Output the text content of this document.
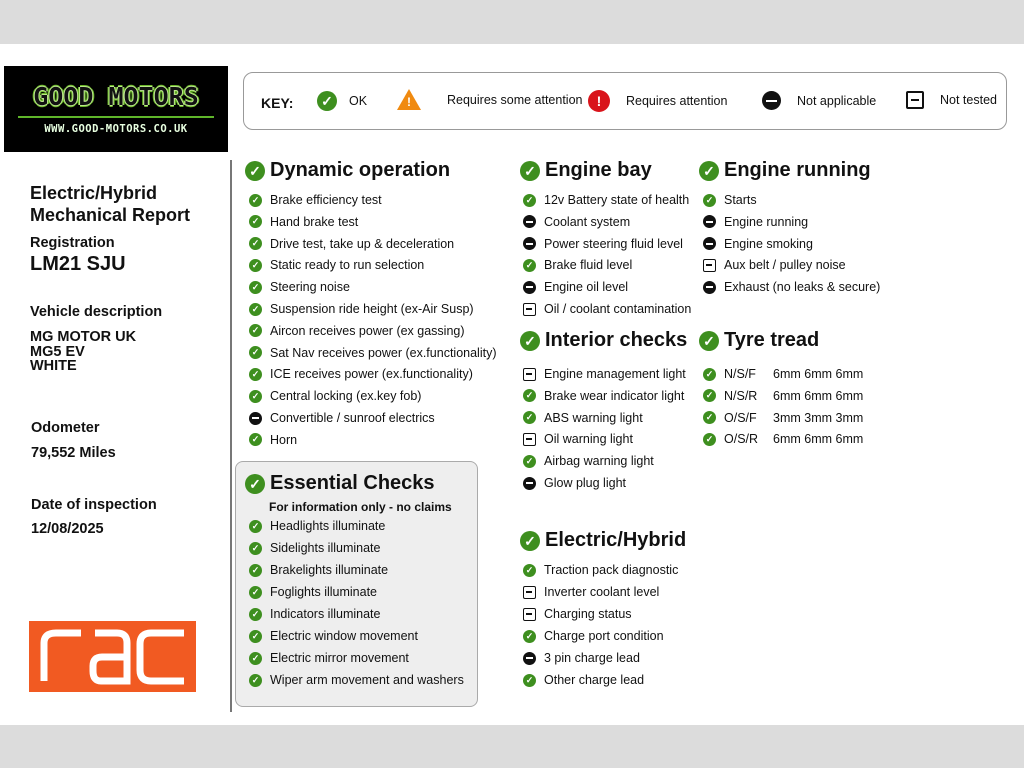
GOOD MOTORS
WWW.GOOD-MOTORS.CO.UK
KEY: ✓	OK	!	Requires some attention	!	Requires attention	Not applicable	Not tested
Electric/Hybrid
Mechanical Report
Registration
LM21 SJU
Vehicle description
MG MOTOR UK
MG5 EV
WHITE
Odometer
79,552 Miles
Date of inspection
12/08/2025
✓ Dynamic operation	✓ Engine bay	✓ Engine running
✓ Interior checks ✓ Tyre tread
✓ Essential Checks
For information only - no claims
✓ Electric/Hybrid
✓ Brake efficiency test
✓ Hand brake test
✓ Drive test, take up & deceleration
✓ Static ready to run selection
✓ Steering noise
✓ Suspension ride height (ex-Air Susp)
✓ Aircon receives power (ex gassing)
✓ Sat Nav receives power (ex.functionality)
✓ ICE receives power (ex.functionality)
✓ Central locking (ex.key fob)
Convertible / sunroof electrics
✓ Horn
✓ Headlights illuminate
✓ Sidelights illuminate
✓ Brakelights illuminate
✓ Foglights illuminate
✓ Indicators illuminate
✓ Electric window movement
✓ Electric mirror movement
✓ Wiper arm movement and washers
✓ 12v Battery state of health
Coolant system
Power steering fluid level
✓ Brake fluid level
Engine oil level
Oil / coolant contamination
Engine management light
✓ Brake wear indicator light
✓ ABS warning light
Oil warning light
✓ Airbag warning light
Glow plug light
✓ Traction pack diagnostic
Inverter coolant level
Charging status
✓ Charge port condition
3 pin charge lead
✓ Other charge lead
✓ Starts
Engine running
Engine smoking
Aux belt / pulley noise
Exhaust (no leaks & secure)
✓ N/S/F 6mm 6mm 6mm
✓ N/S/R 6mm 6mm 6mm
✓ O/S/F 3mm 3mm 3mm
✓ O/S/R 6mm 6mm 6mm
